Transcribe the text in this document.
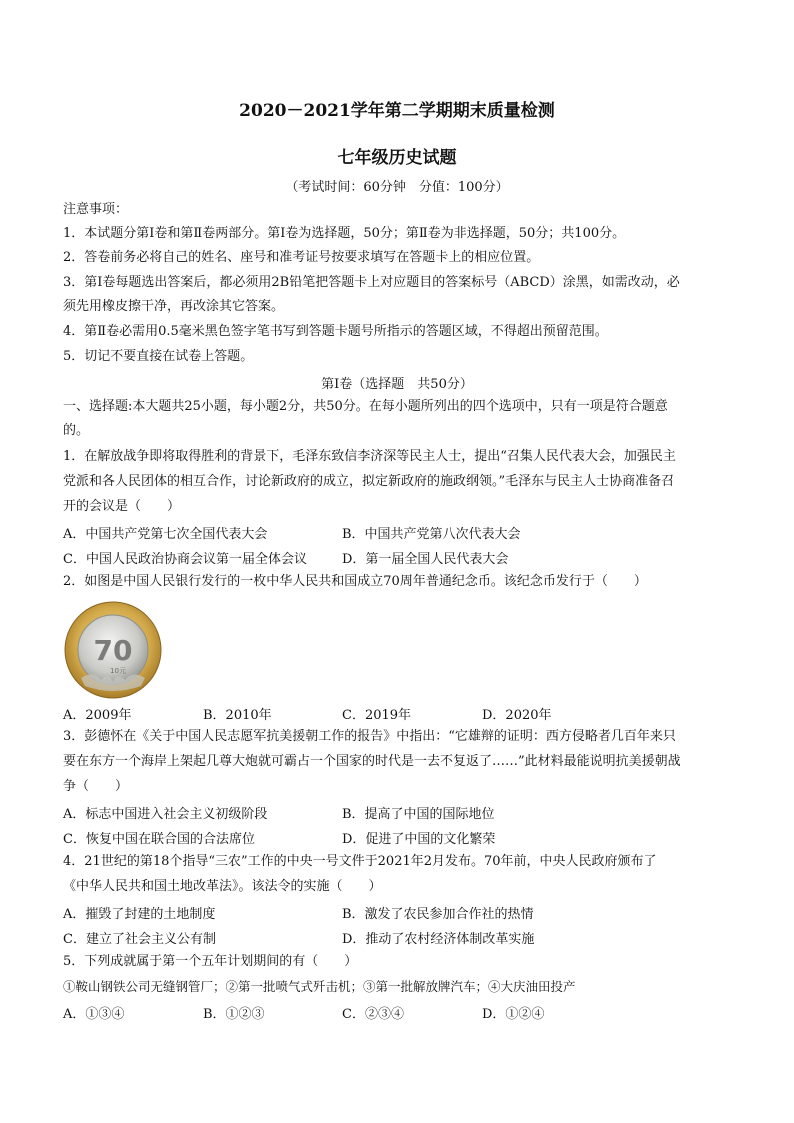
2020－2021学年第二学期期末质量检测
七年级历史试题
（考试时间：60分钟　分值：100分）
注意事项：
1．本试题分第Ⅰ卷和第Ⅱ卷两部分。第Ⅰ卷为选择题，50分；第Ⅱ卷为非选择题，50分；共100分。
2．答卷前务必将自己的姓名、座号和准考证号按要求填写在答题卡上的相应位置。
3．第Ⅰ卷每题选出答案后，都必须用2B铅笔把答题卡上对应题目的答案标号（ABCD）涂黑，如需改动，必
须先用橡皮擦干净，再改涂其它答案。
4．第Ⅱ卷必需用0.5毫米黑色签字笔书写到答题卡题号所指示的答题区域，不得超出预留范围。
5．切记不要直接在试卷上答题。
第Ⅰ卷（选择题　共50分）
一、选择题:本大题共25小题，每小题2分，共50分。在每小题所列出的四个选项中，只有一项是符合题意
的。
1．在解放战争即将取得胜利的背景下，毛泽东致信李济深等民主人士，提出“召集人民代表大会，加强民主
党派和各人民团体的相互合作，讨论新政府的成立，拟定新政府的施政纲领。”毛泽东与民主人士协商准备召
开的会议是（　　）
A．中国共产党第七次全国代表大会	B．中国共产党第八次代表大会
C．中国人民政治协商会议第一届全体会议	D．第一届全国人民代表大会
2．如图是中国人民银行发行的一枚中华人民共和国成立70周年普通纪念币。该纪念币发行于（　　）
70
10元
A．2009年	B．2010年	C．2019年	D．2020年
3．彭德怀在《关于中国人民志愿军抗美援朝工作的报告》中指出：“它雄辩的证明：西方侵略者几百年来只
要在东方一个海岸上架起几尊大炮就可霸占一个国家的时代是一去不复返了……”此材料最能说明抗美援朝战
争（　　）
A．标志中国进入社会主义初级阶段	B．提高了中国的国际地位
C．恢复中国在联合国的合法席位	D．促进了中国的文化繁荣
4．21世纪的第18个指导“三农”工作的中央一号文件于2021年2月发布。70年前，中央人民政府颁布了
《中华人民共和国土地改革法》。该法令的实施（　　）
A．摧毁了封建的土地制度	B．激发了农民参加合作社的热情
C．建立了社会主义公有制	D．推动了农村经济体制改革实施
5．下列成就属于第一个五年计划期间的有（　　）
①鞍山钢铁公司无缝钢管厂；②第一批喷气式歼击机；③第一批解放牌汽车；④大庆油田投产
A．①③④	B．①②③	C．②③④	D．①②④
